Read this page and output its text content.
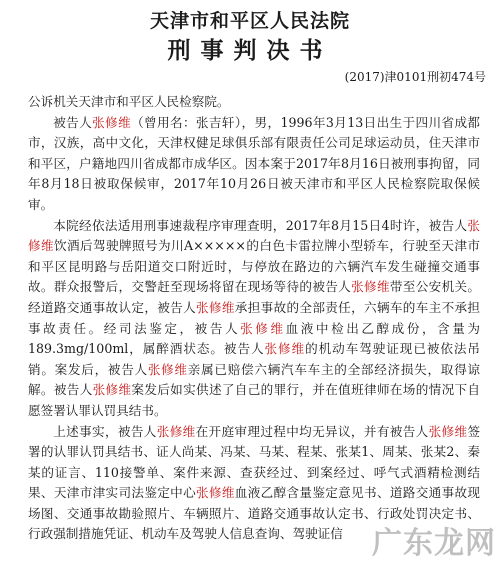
天津市和平区人民法院
刑事判决书
(2017)津0101刑初474号

公诉机关天津市和平区人民检察院。

被告人张修维（曾用名：张吉轩），男，1996年3月13日出生于四川省成都市，汉族，高中文化，天津权健足球俱乐部有限责任公司足球运动员，住天津市和平区，户籍地四川省成都市成华区。因本案于2017年8月16日被刑事拘留，同年8月18日被取保候审，2017年10月26日被天津市和平区人民检察院取保候审。

本院经依法适用刑事速裁程序审理查明，2017年8月15日4时许，被告人张修维饮酒后驾驶牌照号为川A×××××的白色卡雷拉牌小型轿车，行驶至天津市和平区昆明路与岳阳道交口附近时，与停放在路边的六辆汽车发生碰撞交通事故。群众报警后，交警赶至现场将留在现场等待的被告人张修维带至公安机关。经道路交通事故认定，被告人张修维承担事故的全部责任，六辆车的车主不承担事故责任。经司法鉴定，被告人张修维血液中检出乙醇成份，含量为189.3mg/100ml，属醉酒状态。被告人张修维的机动车驾驶证现已被依法吊销。案发后，被告人张修维亲属已赔偿六辆汽车车主的全部经济损失，取得谅解。被告人张修维案发后如实供述了自己的罪行，并在值班律师在场的情况下自愿签署认罪认罚具结书。

上述事实，被告人张修维在开庭审理过程中均无异议，并有被告人张修维签署的认罪认罚具结书、证人尚某、冯某、马某、程某、张某1、周某、张某2、秦某的证言、110接警单、案件来源、查获经过、到案经过、呼气式酒精检测结果、天津市津实司法鉴定中心张修维血液乙醇含量鉴定意见书、道路交通事故现场图、交通事故勘验照片、车辆照片、道路交通事故认定书、行政处罚决定书、行政强制措施凭证、机动车及驾驶人信息查询、驾驶证信 广东龙网
